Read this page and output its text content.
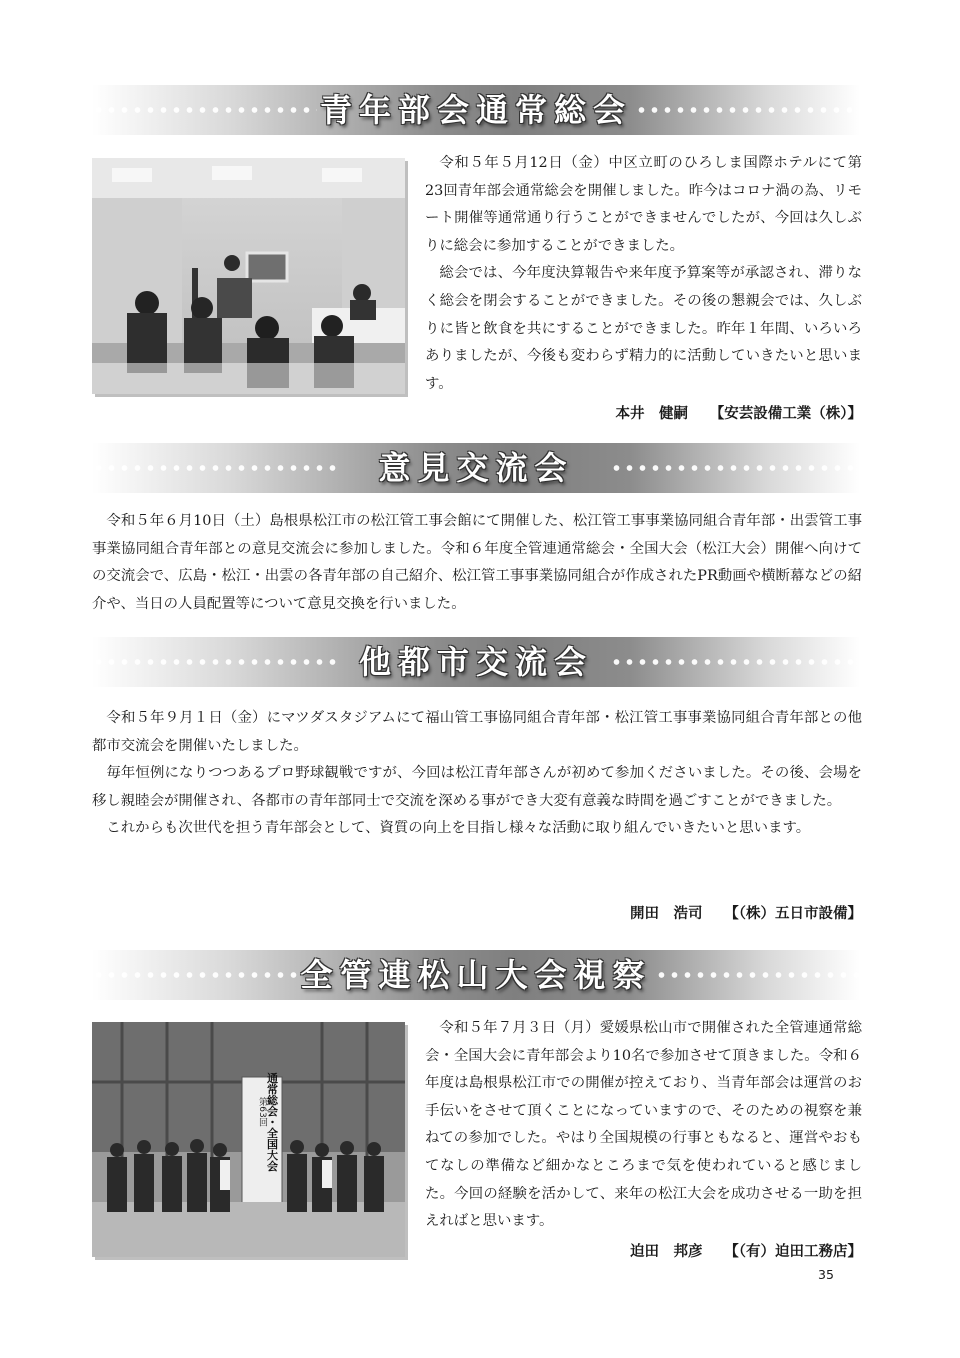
青年部会通常総会

令和５年５月12日（金）中区立町のひろしま国際ホテルにて第23回青年部会通常総会を開催しました。昨今はコロナ渦の為、リモート開催等通常通り行うことができませんでしたが、今回は久しぶりに総会に参加することができました。

総会では、今年度決算報告や来年度予算案等が承認され、滞りなく総会を閉会することができました。その後の懇親会では、久しぶりに皆と飲食を共にすることができました。昨年１年間、いろいろありましたが、今後も変わらず精力的に活動していきたいと思います。

本井　健嗣　　【安芸設備工業（株）】
意見交流会

令和５年６月10日（土）島根県松江市の松江管工事会館にて開催した、松江管工事事業協同組合青年部・出雲管工事事業協同組合青年部との意見交流会に参加しました。令和６年度全管連通常総会・全国大会（松江大会）開催へ向けての交流会で、広島・松江・出雲の各青年部の自己紹介、松江管工事事業協同組合が作成されたPR動画や横断幕などの紹介や、当日の人員配置等について意見交換を行いました。

他都市交流会

令和５年９月１日（金）にマツダスタジアムにて福山管工事協同組合青年部・松江管工事事業協同組合青年部との他都市交流会を開催いたしました。

毎年恒例になりつつあるプロ野球観戦ですが、今回は松江青年部さんが初めて参加くださいました。その後、会場を移し親睦会が開催され、各都市の青年部同士で交流を深める事ができ大変有意義な時間を過ごすことができました。

これからも次世代を担う青年部会として、資質の向上を目指し様々な活動に取り組んでいきたいと思います。

開田　浩司　　【（株）五日市設備】
全管連松山大会視察
第63回
通常総会・全国大会

令和５年７月３日（月）愛媛県松山市で開催された全管連通常総会・全国大会に青年部会より10名で参加させて頂きました。令和６年度は島根県松江市での開催が控えており、当青年部会は運営のお手伝いをさせて頂くことになっていますので、そのための視察を兼ねての参加でした。やはり全国規模の行事ともなると、運営やおもてなしの準備など細かなところまで気を使われていると感じました。今回の経験を活かして、来年の松江大会を成功させる一助を担えればと思います。

迫田　邦彦　　【（有）迫田工務店】
35
